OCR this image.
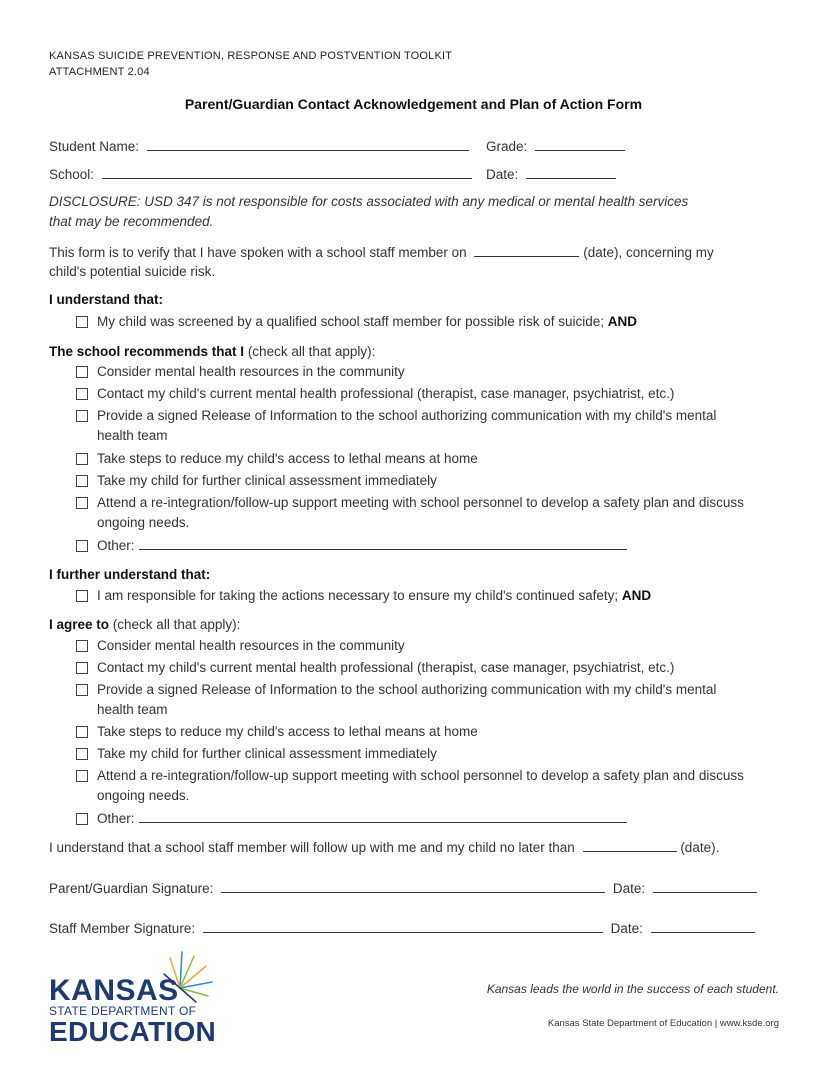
KANSAS SUICIDE PREVENTION, RESPONSE AND POSTVENTION TOOLKIT
ATTACHMENT 2.04
Parent/Guardian Contact Acknowledgement and Plan of Action Form
Student Name:	Grade:
School:	Date:
DISCLOSURE: USD 347 is not responsible for costs associated with any medical or mental health services
that may be recommended.
This form is to verify that I have spoken with a school staff member on	(date), concerning my
child's potential suicide risk.
I understand that:
My child was screened by a qualified school staff member for possible risk of suicide; AND
The school recommends that I (check all that apply):
Consider mental health resources in the community
Contact my child's current mental health professional (therapist, case manager, psychiatrist, etc.)
Provide a signed Release of Information to the school authorizing communication with my child's mental health team
Take steps to reduce my child's access to lethal means at home
Take my child for further clinical assessment immediately
Attend a re-integration/follow-up support meeting with school personnel to develop a safety plan and discuss ongoing needs.
Other:
I further understand that:
I am responsible for taking the actions necessary to ensure my child's continued safety; AND
I agree to (check all that apply):
Consider mental health resources in the community
Contact my child's current mental health professional (therapist, case manager, psychiatrist, etc.)
Provide a signed Release of Information to the school authorizing communication with my child's mental health team
Take steps to reduce my child's access to lethal means at home
Take my child for further clinical assessment immediately
Attend a re-integration/follow-up support meeting with school personnel to develop a safety plan and discuss ongoing needs.
Other:
I understand that a school staff member will follow up with me and my child no later than	(date).
Parent/Guardian Signature:	Date:
Staff Member Signature:	Date:
KANSAS
STATE DEPARTMENT OF
EDUCATION
Kansas leads the world in the success of each student.
Kansas State Department of Education | www.ksde.org
